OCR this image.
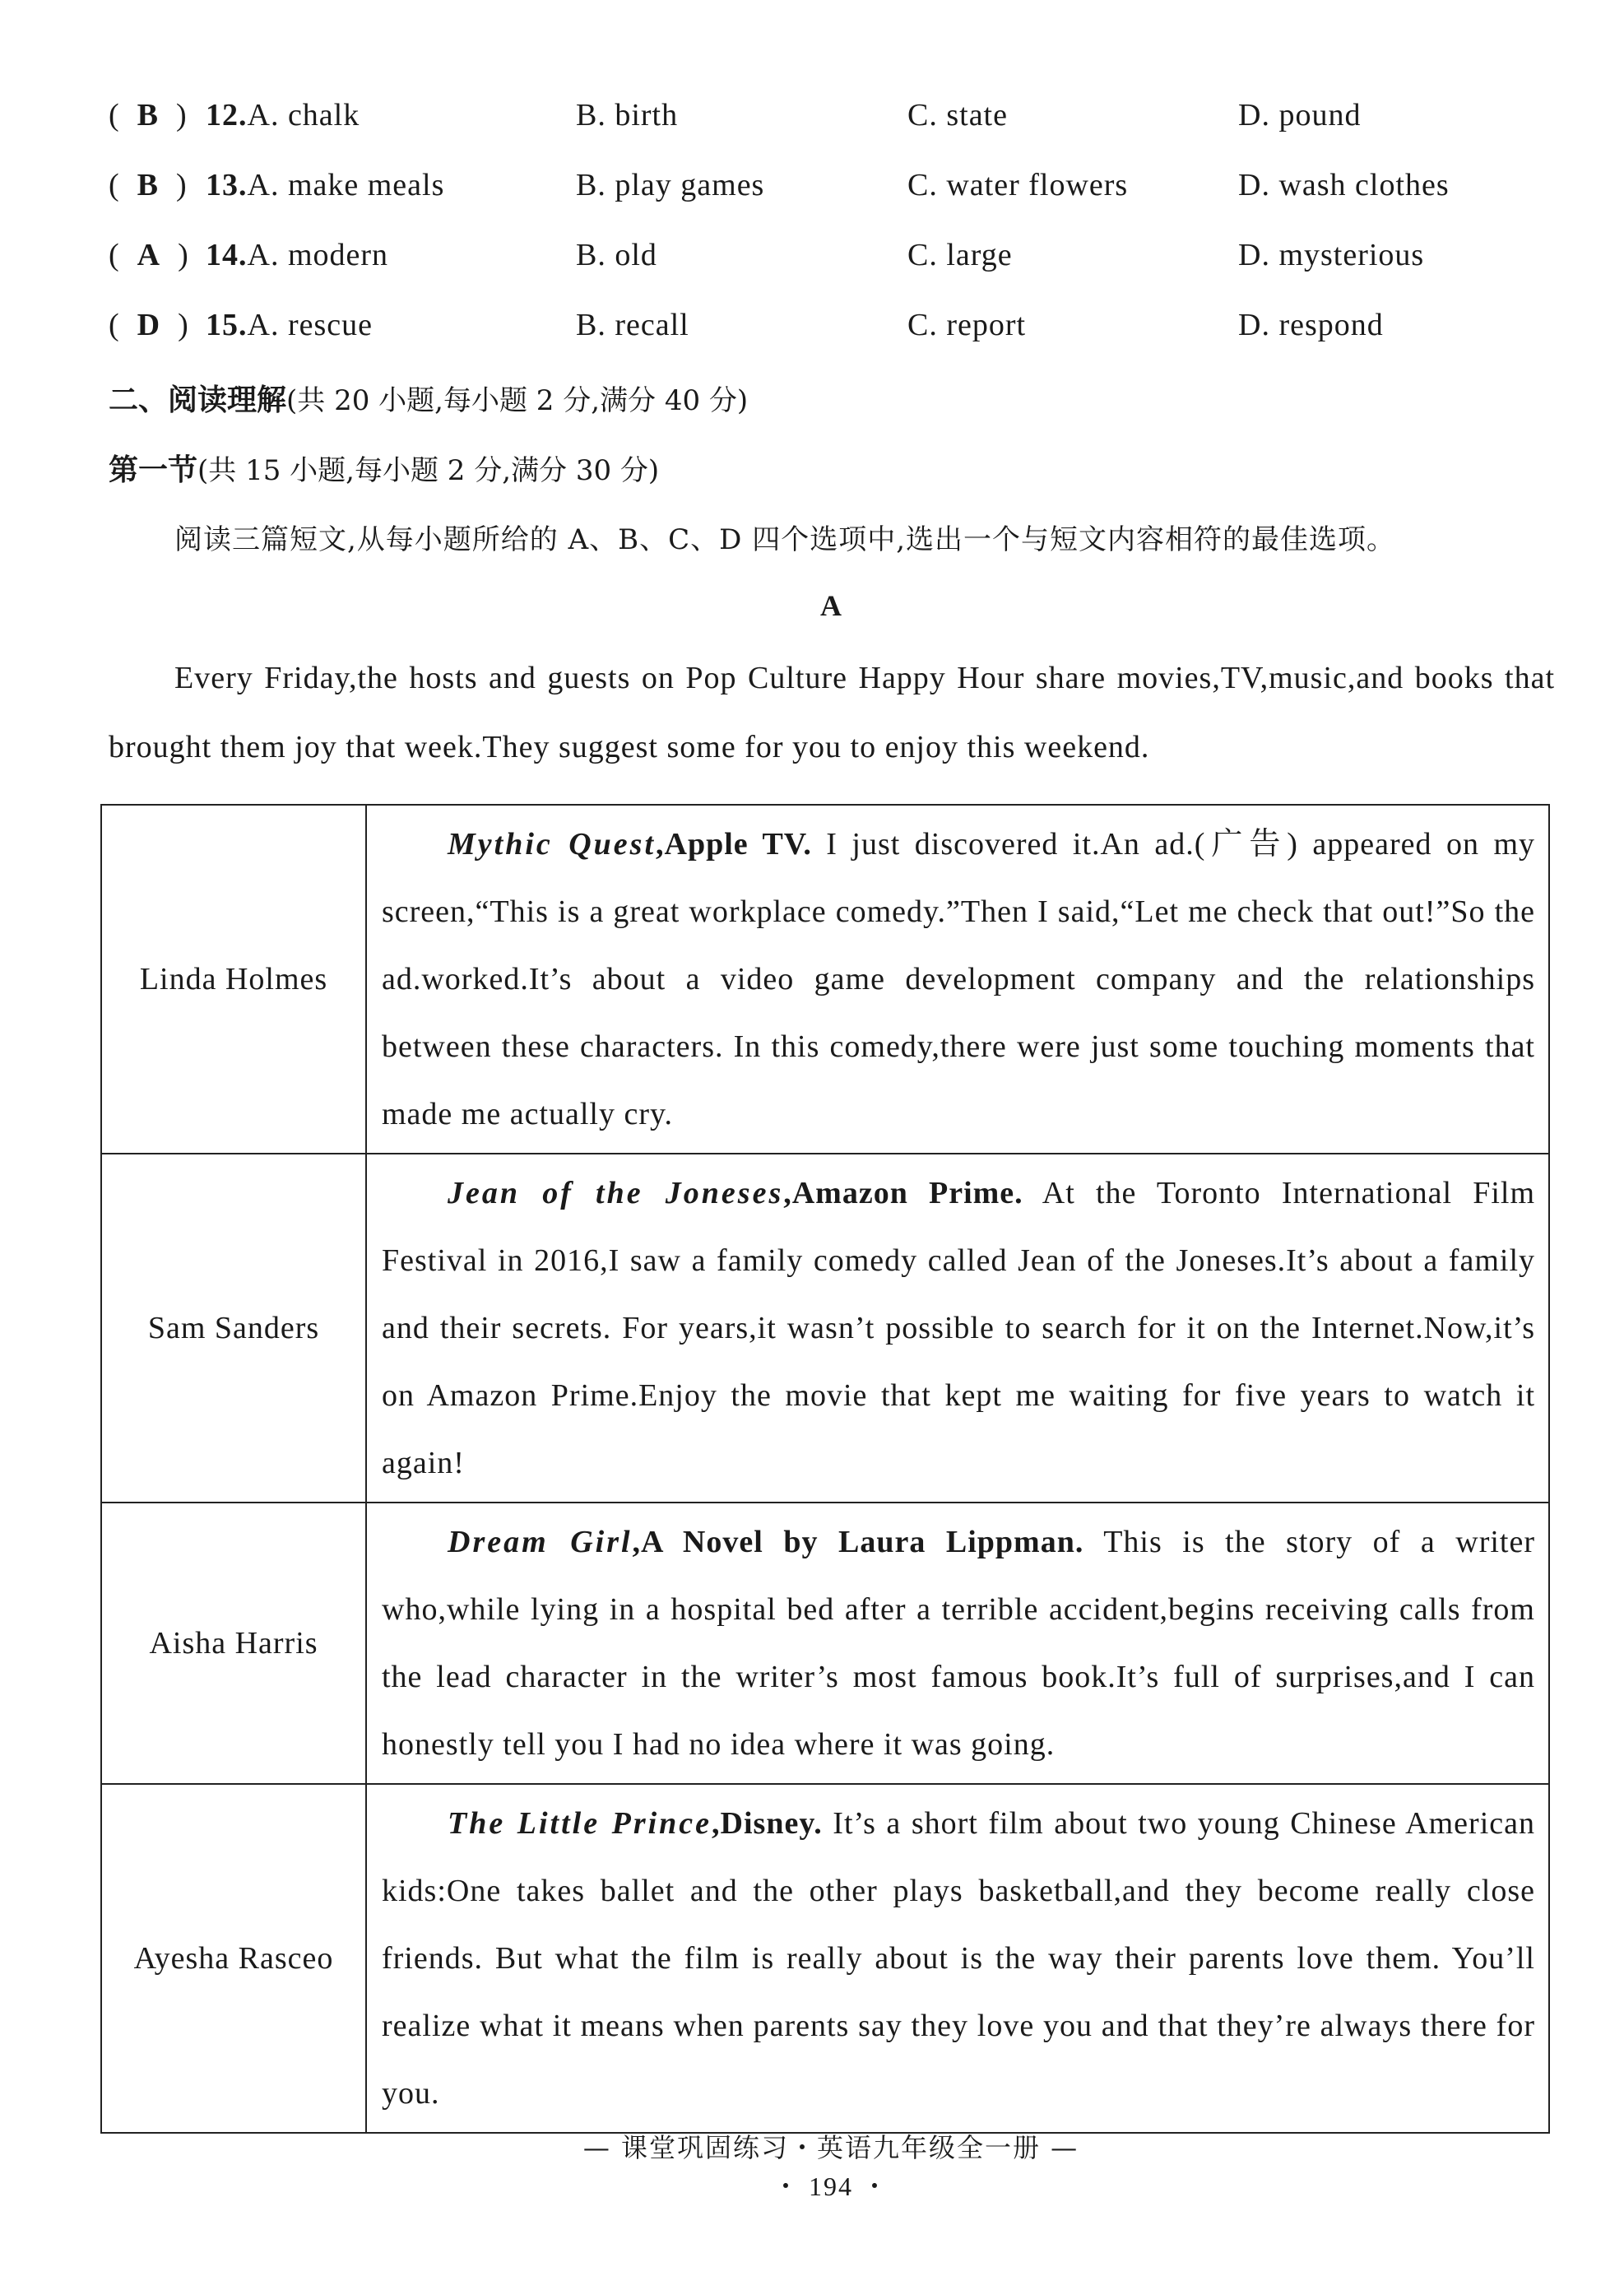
(  B  ) 12.A. chalk	B. birth	C. state	D. pound
(  B  ) 13.A. make meals	B. play games	C. water flowers	D. wash clothes
(  A  ) 14.A. modern	B. old	C. large	D. mysterious
(  D  ) 15.A. rescue	B. recall	C. report	D. respond
二、阅读理解(共 20 小题,每小题 2 分,满分 40 分)
第一节(共 15 小题,每小题 2 分,满分 30 分)
阅读三篇短文,从每小题所给的 A、B、C、D 四个选项中,选出一个与短文内容相符的最佳选项。
A
Every Friday,the hosts and guests on Pop Culture Happy Hour share movies,TV,music,and books that brought them joy that week.They suggest some for you to enjoy this weekend.
Linda Holmes	Mythic Quest,Apple TV. I just discovered it.An ad.(广告) appeared on my screen,“This is a great workplace comedy.”Then I said,“Let me check that out!”So the ad.worked.It’s about a video game development company and the relationships between these characters. In this comedy,there were just some touching moments that made me actually cry.
Sam Sanders	Jean of the Joneses,Amazon Prime. At the Toronto International Film Festival in 2016,I saw a family comedy called Jean of the Joneses.It’s about a family and their secrets. For years,it wasn’t possible to search for it on the Internet.Now,it’s on Amazon Prime.Enjoy the movie that kept me waiting for five years to watch it again!
Aisha Harris	Dream Girl,A Novel by Laura Lippman. This is the story of a writer who,while lying in a hospital bed after a terrible accident,begins receiving calls from the lead character in the writer’s most famous book.It’s full of surprises,and I can honestly tell you I had no idea where it was going.
Ayesha Rasceo	The Little Prince,Disney. It’s a short film about two young Chinese American kids:One takes ballet and the other plays basketball,and they become really close friends. But what the film is really about is the way their parents love them. You’ll realize what it means when parents say they love you and that they’re always there for you.
— 课堂巩固练习・英语九年级全一册 —
・ 194 ・
